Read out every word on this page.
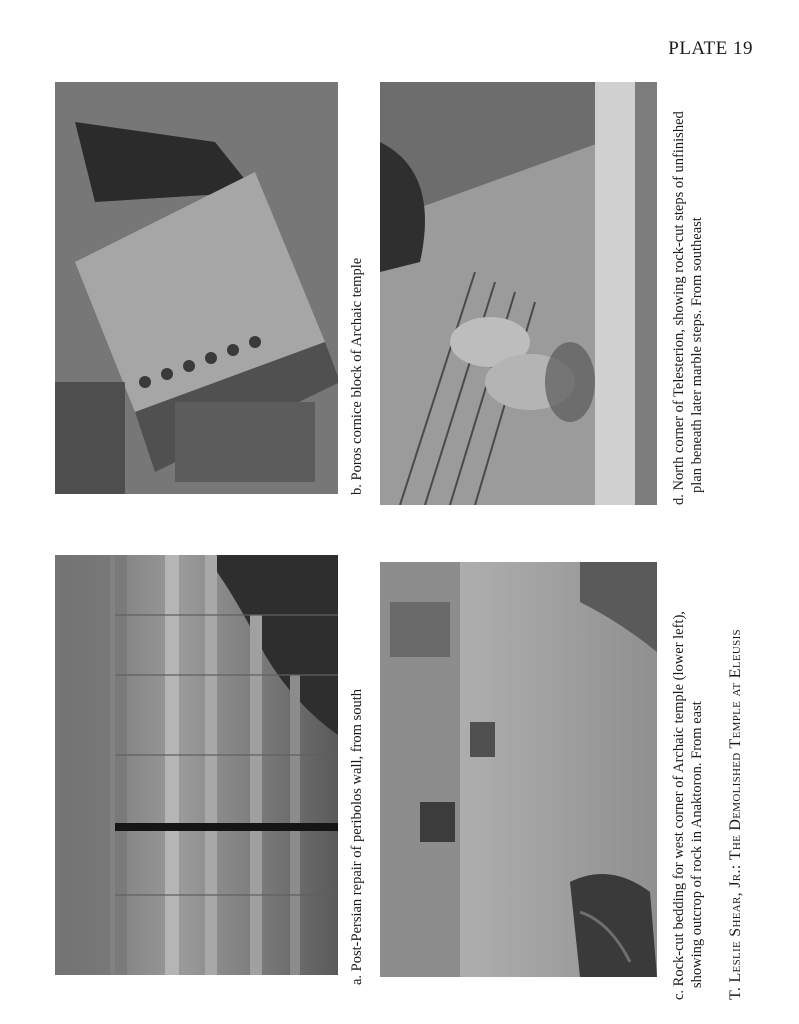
PLATE 19
a. Post-Persian repair of peribolos wall, from south
b. Poros cornice block of Archaic temple
c. Rock-cut bedding for west corner of Archaic temple (lower left), showing outcrop of rock in Anaktoron. From east
d. North corner of Telesterion, showing rock-cut steps of unfinished plan beneath later marble steps. From southeast
T. Leslie Shear, Jr.: The Demolished Temple at Eleusis
